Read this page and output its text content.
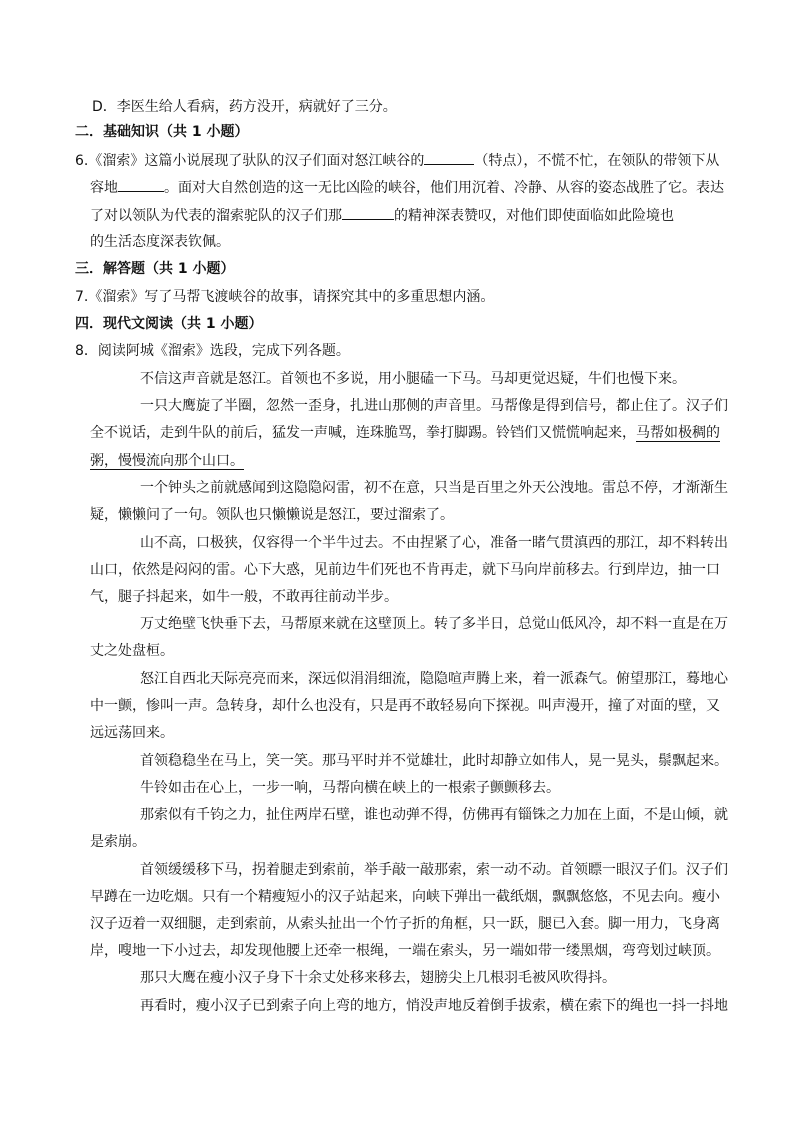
D．李医生给人看病，药方没开，病就好了三分。
二．基础知识（共 1 小题）
6.《溜索》这篇小说展现了驮队的汉子们面对怒江峡谷的	（特点），不慌不忙，在领队的带领下从
容地	。面对大自然创造的这一无比凶险的峡谷，他们用沉着、冷静、从容的姿态战胜了它。表达
了对以领队为代表的溜索驼队的汉子们那	的精神深表赞叹，对他们即使面临如此险境也
的生活态度深表钦佩。
三．解答题（共 1 小题）
7.《溜索》写了马帮飞渡峡谷的故事，请探究其中的多重思想内涵。
四．现代文阅读（共 1 小题）
8．阅读阿城《溜索》选段，完成下列各题。
不信这声音就是怒江。首领也不多说，用小腿磕一下马。马却更觉迟疑，牛们也慢下来。
一只大鹰旋了半圈，忽然一歪身，扎进山那侧的声音里。马帮像是得到信号，都止住了。汉子们
全不说话，走到牛队的前后，猛发一声喊，连珠脆骂，拳打脚踢。铃铛们又慌慌响起来，马帮如极稠的
粥，慢慢流向那个山口。
一个钟头之前就感闻到这隐隐闷雷，初不在意，只当是百里之外天公洩地。雷总不停，才渐渐生
疑，懒懒问了一句。领队也只懒懒说是怒江，要过溜索了。
山不高，口极狭，仅容得一个半牛过去。不由捏紧了心，准备一睹气贯滇西的那江，却不料转出
山口，依然是闷闷的雷。心下大惑，见前边牛们死也不肯再走，就下马向岸前移去。行到岸边，抽一口
气，腿子抖起来，如牛一般，不敢再往前动半步。
万丈绝壁飞快垂下去，马帮原来就在这壁顶上。转了多半日，总觉山低风冷，却不料一直是在万
丈之处盘桓。
怒江自西北天际亮亮而来，深远似涓涓细流，隐隐喧声腾上来，着一派森气。俯望那江，蓦地心
中一颤，惨叫一声。急转身，却什么也没有，只是再不敢轻易向下探视。叫声漫开，撞了对面的壁，又
远远荡回来。
首领稳稳坐在马上，笑一笑。那马平时并不觉雄壮，此时却静立如伟人，晃一晃头，鬃飘起来。
牛铃如击在心上，一步一响，马帮向横在峡上的一根索子颤颤移去。
那索似有千钧之力，扯住两岸石壁，谁也动弹不得，仿佛再有锱铢之力加在上面，不是山倾，就
是索崩。
首领缓缓移下马，拐着腿走到索前，举手敲一敲那索，索一动不动。首领瞟一眼汉子们。汉子们
早蹲在一边吃烟。只有一个精瘦短小的汉子站起来，向峡下弹出一截纸烟，飘飘悠悠，不见去向。瘦小
汉子迈着一双细腿，走到索前，从索头扯出一个竹子折的角框，只一跃，腿已入套。脚一用力，飞身离
岸，嗖地一下小过去，却发现他腰上还牵一根绳，一端在索头，另一端如带一缕黑烟，弯弯划过峡顶。
那只大鹰在瘦小汉子身下十余丈处移来移去，翅膀尖上几根羽毛被风吹得抖。
再看时，瘦小汉子已到索子向上弯的地方，悄没声地反着倒手拔索，横在索下的绳也一抖一抖地
